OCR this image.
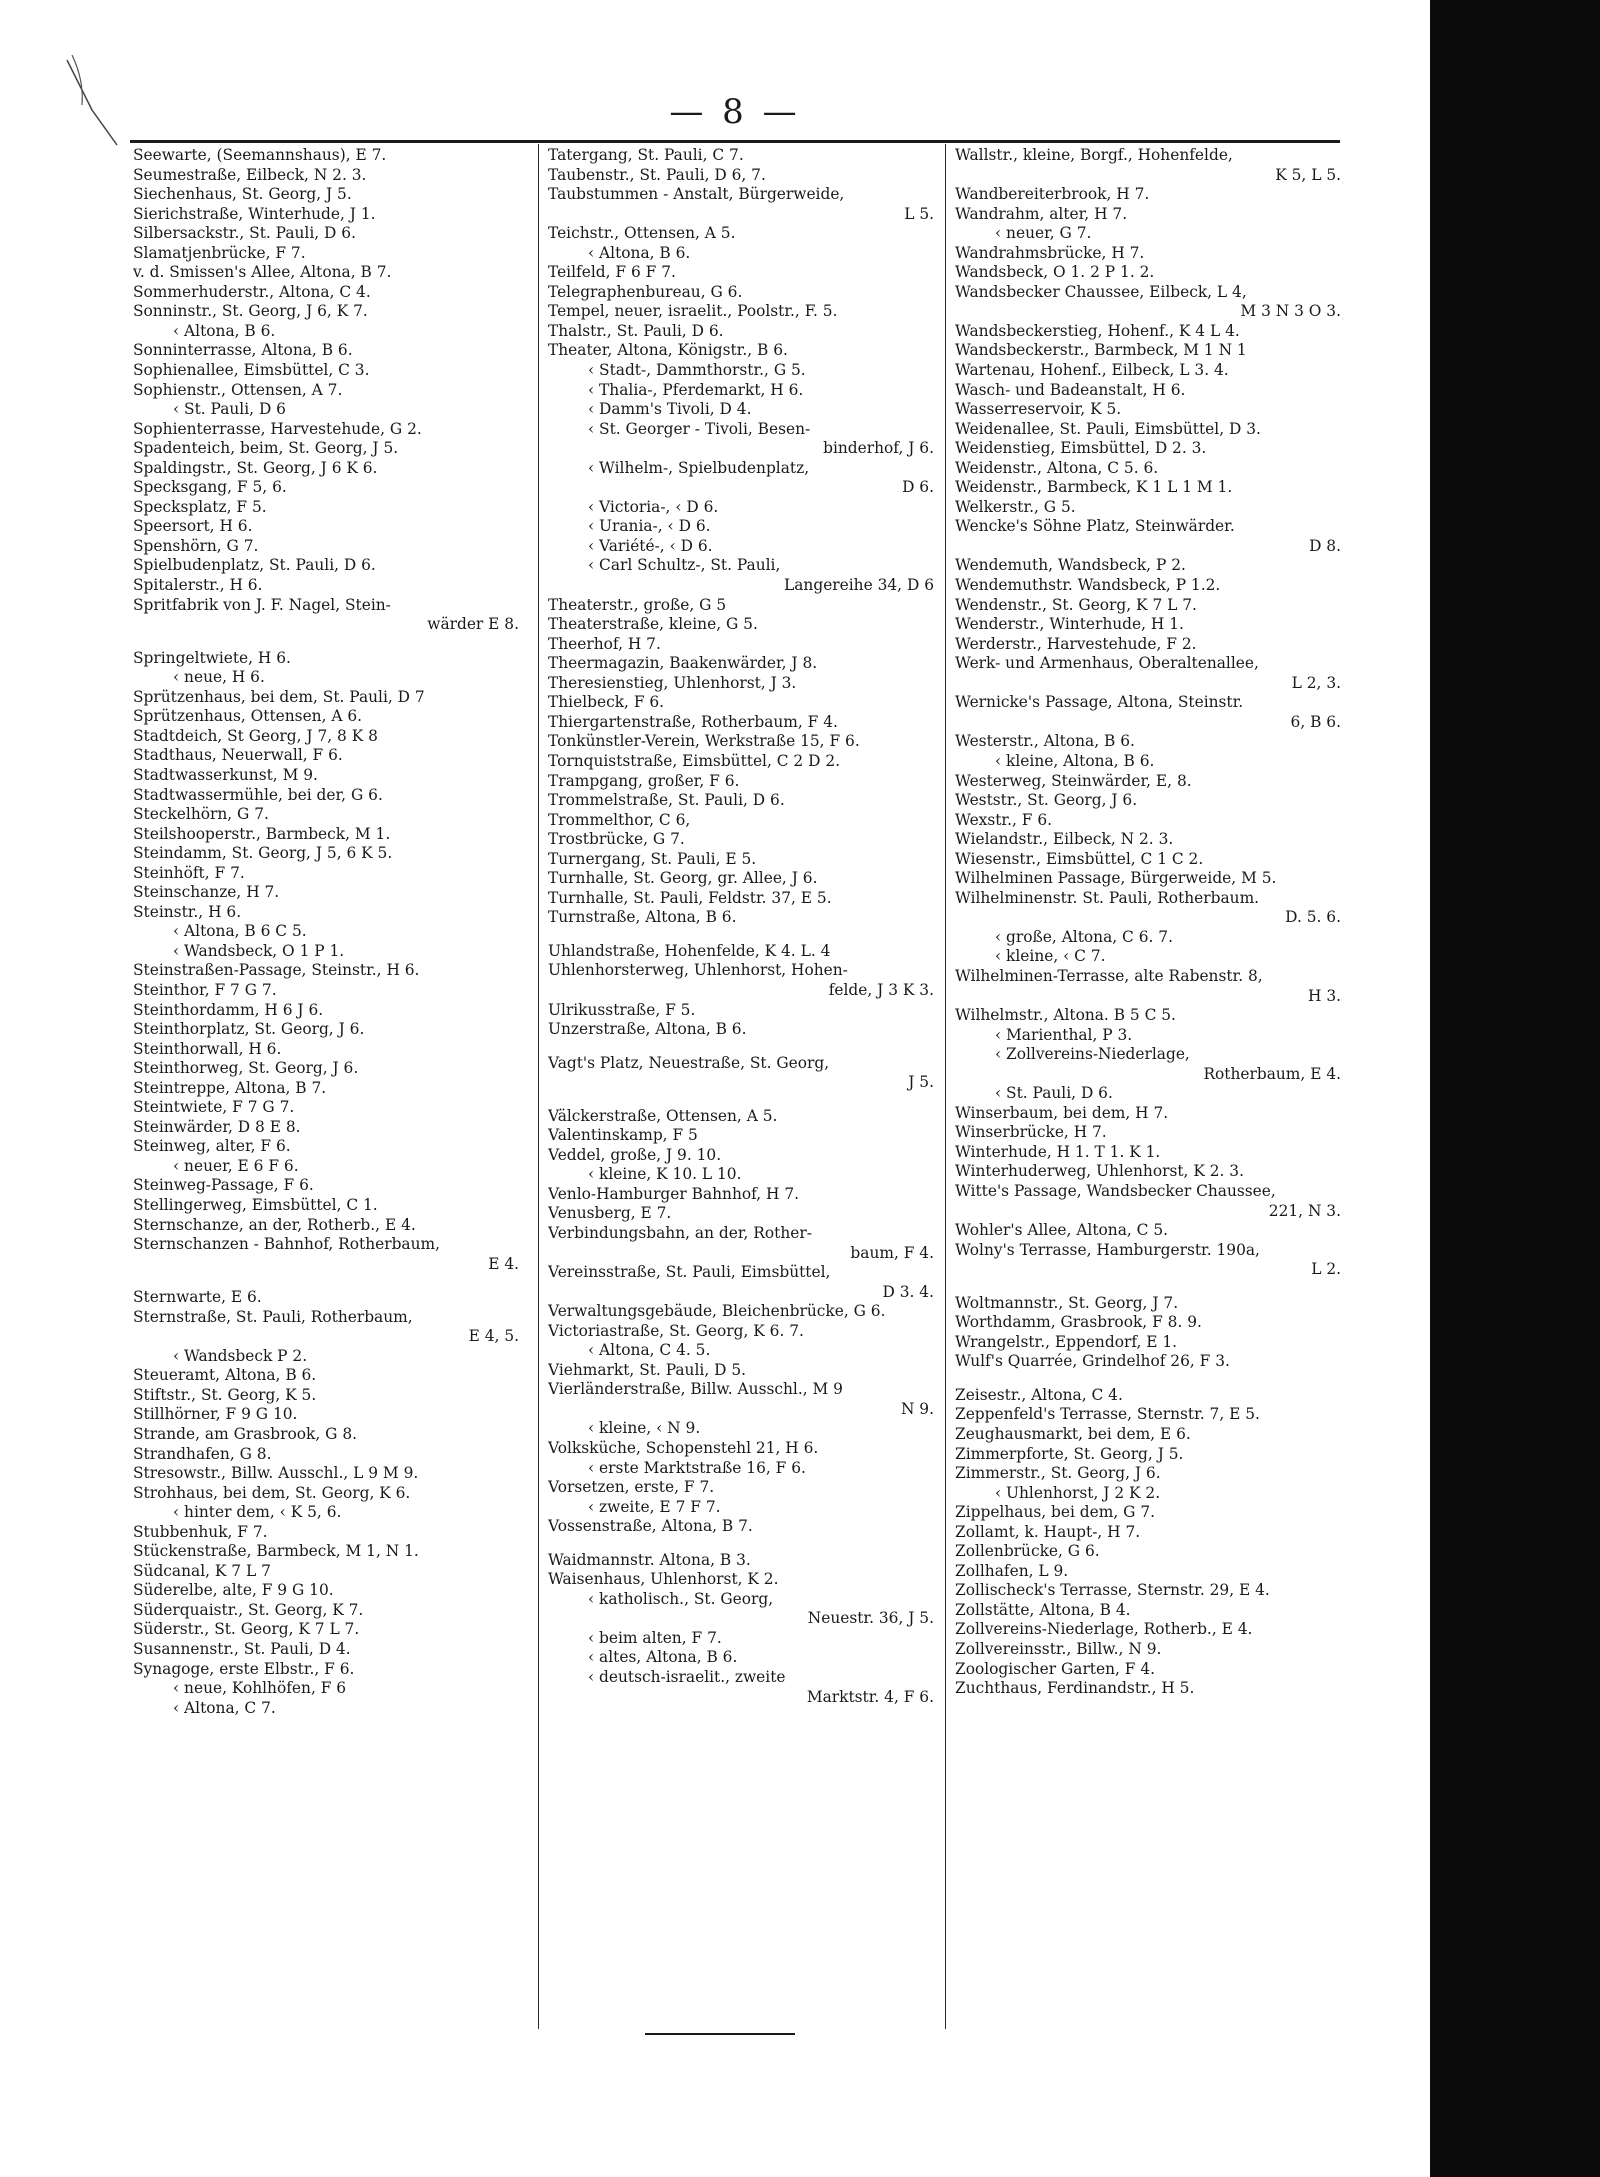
— 8 —
Seewarte, (Seemannshaus), E 7.
Seumestraße, Eilbeck, N 2. 3.
Siechenhaus, St. Georg, J 5.
Sierichstraße, Winterhude, J 1.
Silbersackstr., St. Pauli, D 6.
Slamatjenbrücke, F 7.
v. d. Smissen's Allee, Altona, B 7.
Sommerhuderstr., Altona, C 4.
Sonninstr., St. Georg, J 6, K 7.
‹ Altona, B 6.
Sonninterrasse, Altona, B 6.
Sophienallee, Eimsbüttel, C 3.
Sophienstr., Ottensen, A 7.
‹ St. Pauli, D 6
Sophienterrasse, Harvestehude, G 2.
Spadenteich, beim, St. Georg, J 5.
Spaldingstr., St. Georg, J 6 K 6.
Specksgang, F 5, 6.
Specksplatz, F 5.
Speersort, H 6.
Spenshörn, G 7.
Spielbudenplatz, St. Pauli, D 6.
Spitalerstr., H 6.
Spritfabrik von J. F. Nagel, Stein-
wärder E 8.
Springeltwiete, H 6.
‹ neue, H 6.
Sprützenhaus, bei dem, St. Pauli, D 7
Sprützenhaus, Ottensen, A 6.
Stadtdeich, St Georg, J 7, 8 K 8
Stadthaus, Neuerwall, F 6.
Stadtwasserkunst, M 9.
Stadtwassermühle, bei der, G 6.
Steckelhörn, G 7.
Steilshooperstr., Barmbeck, M 1.
Steindamm, St. Georg, J 5, 6 K 5.
Steinhöft, F 7.
Steinschanze, H 7.
Steinstr., H 6.
‹ Altona, B 6 C 5.
‹ Wandsbeck, O 1 P 1.
Steinstraßen-Passage, Steinstr., H 6.
Steinthor, F 7 G 7.
Steinthordamm, H 6 J 6.
Steinthorplatz, St. Georg, J 6.
Steinthorwall, H 6.
Steinthorweg, St. Georg, J 6.
Steintreppe, Altona, B 7.
Steintwiete, F 7 G 7.
Steinwärder, D 8 E 8.
Steinweg, alter, F 6.
‹ neuer, E 6 F 6.
Steinweg-Passage, F 6.
Stellingerweg, Eimsbüttel, C 1.
Sternschanze, an der, Rotherb., E 4.
Sternschanzen - Bahnhof, Rotherbaum,
E 4.
Sternwarte, E 6.
Sternstraße, St. Pauli, Rotherbaum,
E 4, 5.
‹ Wandsbeck P 2.
Steueramt, Altona, B 6.
Stiftstr., St. Georg, K 5.
Stillhörner, F 9 G 10.
Strande, am Grasbrook, G 8.
Strandhafen, G 8.
Stresowstr., Billw. Ausschl., L 9 M 9.
Strohhaus, bei dem, St. Georg, K 6.
‹ hinter dem, ‹ K 5, 6.
Stubbenhuk, F 7.
Stückenstraße, Barmbeck, M 1, N 1.
Südcanal, K 7 L 7
Süderelbe, alte, F 9 G 10.
Süderquaistr., St. Georg, K 7.
Süderstr., St. Georg, K 7 L 7.
Susannenstr., St. Pauli, D 4.
Synagoge, erste Elbstr., F 6.
‹ neue, Kohlhöfen, F 6
‹ Altona, C 7.
Tatergang, St. Pauli, C 7.
Taubenstr., St. Pauli, D 6, 7.
Taubstummen - Anstalt, Bürgerweide,
L 5.
Teichstr., Ottensen, A 5.
‹ Altona, B 6.
Teilfeld, F 6 F 7.
Telegraphenbureau, G 6.
Tempel, neuer, israelit., Poolstr., F. 5.
Thalstr., St. Pauli, D 6.
Theater, Altona, Königstr., B 6.
‹ Stadt-, Dammthorstr., G 5.
‹ Thalia-, Pferdemarkt, H 6.
‹ Damm's Tivoli, D 4.
‹ St. Georger - Tivoli, Besen-
binderhof, J 6.
‹ Wilhelm-, Spielbudenplatz,
D 6.
‹ Victoria-, ‹ D 6.
‹ Urania-, ‹ D 6.
‹ Variété-, ‹ D 6.
‹ Carl Schultz-, St. Pauli,
Langereihe 34, D 6
Theaterstr., große, G 5
Theaterstraße, kleine, G 5.
Theerhof, H 7.
Theermagazin, Baakenwärder, J 8.
Theresienstieg, Uhlenhorst, J 3.
Thielbeck, F 6.
Thiergartenstraße, Rotherbaum, F 4.
Tonkünstler-Verein, Werkstraße 15, F 6.
Tornquiststraße, Eimsbüttel, C 2 D 2.
Trampgang, großer, F 6.
Trommelstraße, St. Pauli, D 6.
Trommelthor, C 6,
Trostbrücke, G 7.
Turnergang, St. Pauli, E 5.
Turnhalle, St. Georg, gr. Allee, J 6.
Turnhalle, St. Pauli, Feldstr. 37, E 5.
Turnstraße, Altona, B 6.
Uhlandstraße, Hohenfelde, K 4. L. 4
Uhlenhorsterweg, Uhlenhorst, Hohen-
felde, J 3 K 3.
Ulrikusstraße, F 5.
Unzerstraße, Altona, B 6.
Vagt's Platz, Neuestraße, St. Georg,
J 5.
Välckerstraße, Ottensen, A 5.
Valentinskamp, F 5
Veddel, große, J 9. 10.
‹ kleine, K 10. L 10.
Venlo-Hamburger Bahnhof, H 7.
Venusberg, E 7.
Verbindungsbahn, an der, Rother-
baum, F 4.
Vereinsstraße, St. Pauli, Eimsbüttel,
D 3. 4.
Verwaltungsgebäude, Bleichenbrücke, G 6.
Victoriastraße, St. Georg, K 6. 7.
‹ Altona, C 4. 5.
Viehmarkt, St. Pauli, D 5.
Vierländerstraße, Billw. Ausschl., M 9
N 9.
‹ kleine, ‹ N 9.
Volksküche, Schopenstehl 21, H 6.
‹ erste Marktstraße 16, F 6.
Vorsetzen, erste, F 7.
‹ zweite, E 7 F 7.
Vossenstraße, Altona, B 7.
Waidmannstr. Altona, B 3.
Waisenhaus, Uhlenhorst, K 2.
‹ katholisch., St. Georg,
Neuestr. 36, J 5.
‹ beim alten, F 7.
‹ altes, Altona, B 6.
‹ deutsch-israelit., zweite
Marktstr. 4, F 6.
Wallstr., kleine, Borgf., Hohenfelde,
K 5, L 5.
Wandbereiterbrook, H 7.
Wandrahm, alter, H 7.
‹ neuer, G 7.
Wandrahmsbrücke, H 7.
Wandsbeck, O 1. 2 P 1. 2.
Wandsbecker Chaussee, Eilbeck, L 4,
M 3 N 3 O 3.
Wandsbeckerstieg, Hohenf., K 4 L 4.
Wandsbeckerstr., Barmbeck, M 1 N 1
Wartenau, Hohenf., Eilbeck, L 3. 4.
Wasch- und Badeanstalt, H 6.
Wasserreservoir, K 5.
Weidenallee, St. Pauli, Eimsbüttel, D 3.
Weidenstieg, Eimsbüttel, D 2. 3.
Weidenstr., Altona, C 5. 6.
Weidenstr., Barmbeck, K 1 L 1 M 1.
Welkerstr., G 5.
Wencke's Söhne Platz, Steinwärder.
D 8.
Wendemuth, Wandsbeck, P 2.
Wendemuthstr. Wandsbeck, P 1.2.
Wendenstr., St. Georg, K 7 L 7.
Wenderstr., Winterhude, H 1.
Werderstr., Harvestehude, F 2.
Werk- und Armenhaus, Oberaltenallee,
L 2, 3.
Wernicke's Passage, Altona, Steinstr.
6, B 6.
Westerstr., Altona, B 6.
‹ kleine, Altona, B 6.
Westerweg, Steinwärder, E, 8.
Weststr., St. Georg, J 6.
Wexstr., F 6.
Wielandstr., Eilbeck, N 2. 3.
Wiesenstr., Eimsbüttel, C 1 C 2.
Wilhelminen Passage, Bürgerweide, M 5.
Wilhelminenstr. St. Pauli, Rotherbaum.
D. 5. 6.
‹ große, Altona, C 6. 7.
‹ kleine, ‹ C 7.
Wilhelminen-Terrasse, alte Rabenstr. 8,
H 3.
Wilhelmstr., Altona. B 5 C 5.
‹ Marienthal, P 3.
‹ Zollvereins-Niederlage,
Rotherbaum, E 4.
‹ St. Pauli, D 6.
Winserbaum, bei dem, H 7.
Winserbrücke, H 7.
Winterhude, H 1. T 1. K 1.
Winterhuderweg, Uhlenhorst, K 2. 3.
Witte's Passage, Wandsbecker Chaussee,
221, N 3.
Wohler's Allee, Altona, C 5.
Wolny's Terrasse, Hamburgerstr. 190a,
L 2.
Woltmannstr., St. Georg, J 7.
Worthdamm, Grasbrook, F 8. 9.
Wrangelstr., Eppendorf, E 1.
Wulf's Quarrée, Grindelhof 26, F 3.
Zeisestr., Altona, C 4.
Zeppenfeld's Terrasse, Sternstr. 7, E 5.
Zeughausmarkt, bei dem, E 6.
Zimmerpforte, St. Georg, J 5.
Zimmerstr., St. Georg, J 6.
‹ Uhlenhorst, J 2 K 2.
Zippelhaus, bei dem, G 7.
Zollamt, k. Haupt-, H 7.
Zollenbrücke, G 6.
Zollhafen, L 9.
Zollischeck's Terrasse, Sternstr. 29, E 4.
Zollstätte, Altona, B 4.
Zollvereins-Niederlage, Rotherb., E 4.
Zollvereinsstr., Billw., N 9.
Zoologischer Garten, F 4.
Zuchthaus, Ferdinandstr., H 5.
